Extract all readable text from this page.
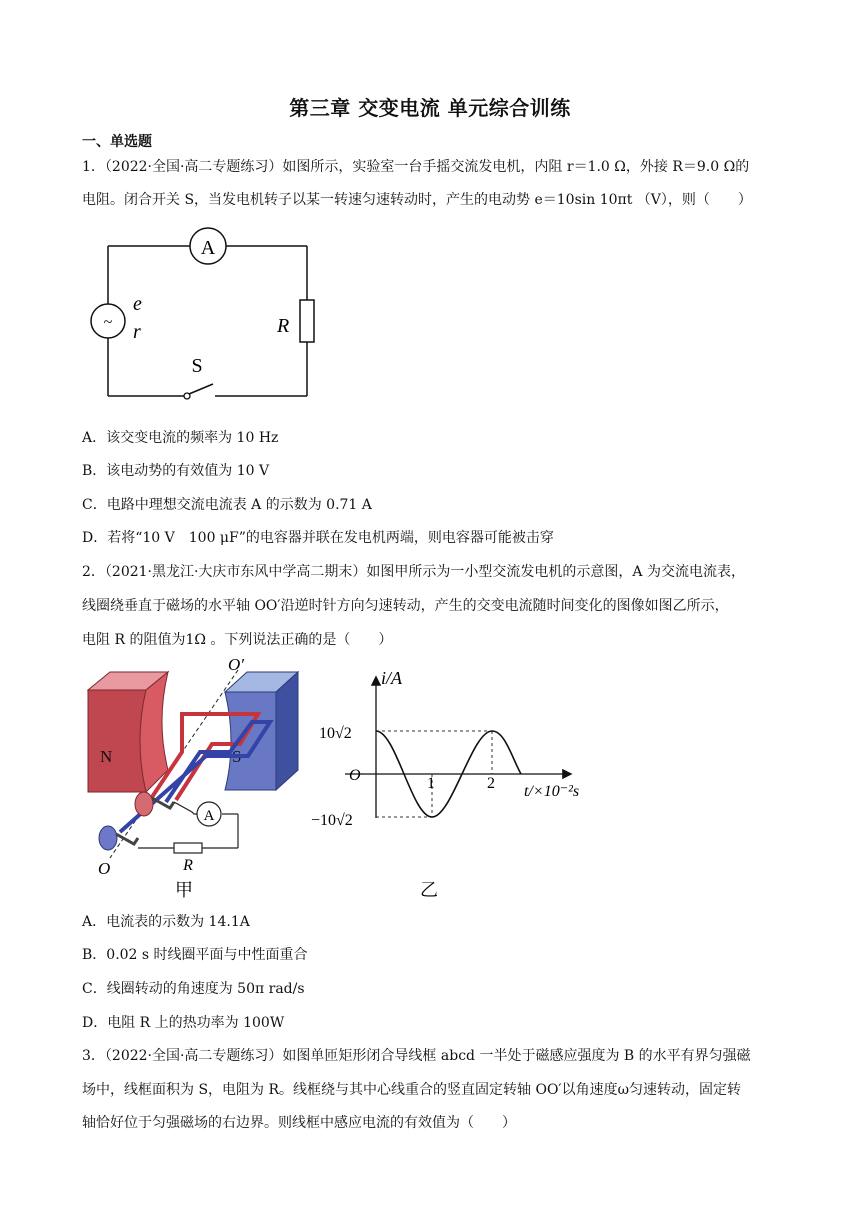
第三章 交变电流 单元综合训练
一、单选题
1．（2022·全国·高二专题练习）如图所示，实验室一台手摇交流发电机，内阻 r＝1.0 Ω，外接 R＝9.0 Ω的
电阻。闭合开关 S，当发电机转子以某一转速匀速转动时，产生的电动势 e＝10sin 10πt （V），则（　　）
A
~
e
r	R
S
A．该交变电流的频率为 10 Hz
B．该电动势的有效值为 10 V
C．电路中理想交流电流表 A 的示数为 0.71 A
D．若将“10 V　100 μF”的电容器并联在发电机两端，则电容器可能被击穿
2．（2021·黑龙江·大庆市东风中学高二期末）如图甲所示为一小型交流发电机的示意图，A 为交流电流表，
线圈绕垂直于磁场的水平轴 OO′沿逆时针方向匀速转动，产生的交变电流随时间变化的图像如图乙所示，
电阻 R 的阻值为1Ω 。下列说法正确的是（　　）
N	S
O′
O
A
R
甲
i/A
10√2
−10√2
O	1	2 t/×10⁻²s
乙
A．电流表的示数为 14.1A
B．0.02 s 时线圈平面与中性面重合
C．线圈转动的角速度为 50π rad/s
D．电阻 R 上的热功率为 100W
3．（2022·全国·高二专题练习）如图单匝矩形闭合导线框 abcd 一半处于磁感应强度为 B 的水平有界匀强磁
场中，线框面积为 S，电阻为 R。线框绕与其中心线重合的竖直固定转轴 OO′以角速度ω匀速转动，固定转
轴恰好位于匀强磁场的右边界。则线框中感应电流的有效值为（　　）
